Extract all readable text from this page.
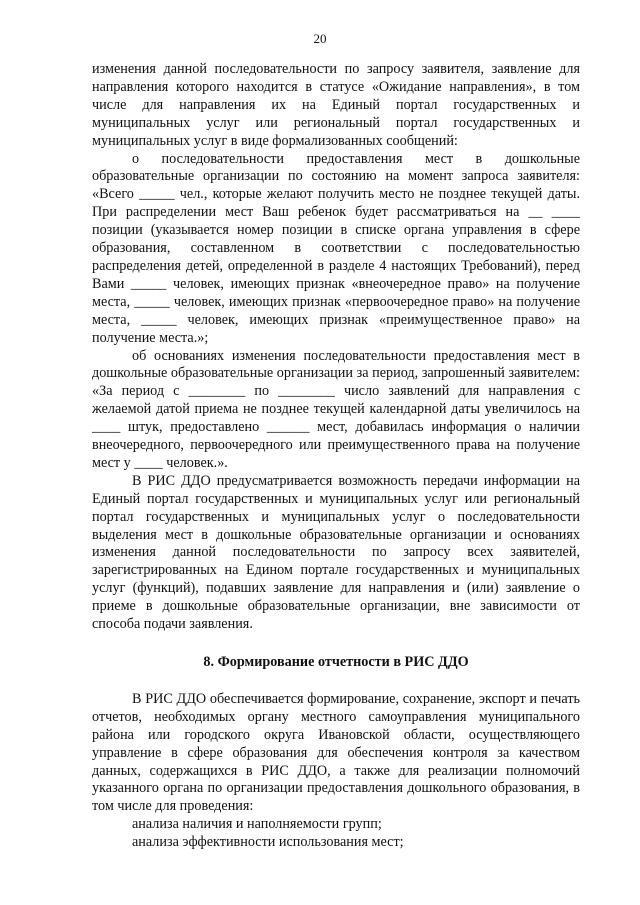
20

изменения данной последовательности по запросу заявителя, заявление для направления которого находится в статусе «Ожидание направления», в том числе для направления их на Единый портал государственных и муниципальных услуг или региональный портал государственных и муниципальных услуг в виде формализованных сообщений:

о последовательности предоставления мест в дошкольные образовательные организации по состоянию на момент запроса заявителя: «Всего _____ чел., которые желают получить место не позднее текущей даты. При распределении мест Ваш ребенок будет рассматриваться на __ ____ позиции (указывается номер позиции в списке органа управления в сфере образования, составленном в соответствии с последовательностью распределения детей, определенной в разделе 4 настоящих Требований), перед Вами _____ человек, имеющих признак «внеочередное право» на получение места, _____ человек, имеющих признак «первоочередное право» на получение места, _____ человек, имеющих признак «преимущественное право» на получение места.»;

об основаниях изменения последовательности предоставления мест в дошкольные образовательные организации за период, запрошенный заявителем: «За период с ________ по ________ число заявлений для направления с желаемой датой приема не позднее текущей календарной даты увеличилось на ____ штук, предоставлено ______ мест, добавилась информация о наличии внеочередного, первоочередного или преимущественного права на получение мест у ____ человек.».

В РИС ДДО предусматривается возможность передачи информации на Единый портал государственных и муниципальных услуг или региональный портал государственных и муниципальных услуг о последовательности выделения мест в дошкольные образовательные организации и основаниях изменения данной последовательности по запросу всех заявителей, зарегистрированных на Едином портале государственных и муниципальных услуг (функций), подавших заявление для направления и (или) заявление о приеме в дошкольные образовательные организации, вне зависимости от способа подачи заявления.

8. Формирование отчетности в РИС ДДО

В РИС ДДО обеспечивается формирование, сохранение, экспорт и печать отчетов, необходимых органу местного самоуправления муниципального района или городского округа Ивановской области, осуществляющего управление в сфере образования для обеспечения контроля за качеством данных, содержащихся в РИС ДДО, а также для реализации полномочий указанного органа по организации предоставления дошкольного образования, в том числе для проведения:

анализа наличия и наполняемости групп;

анализа эффективности использования мест;
